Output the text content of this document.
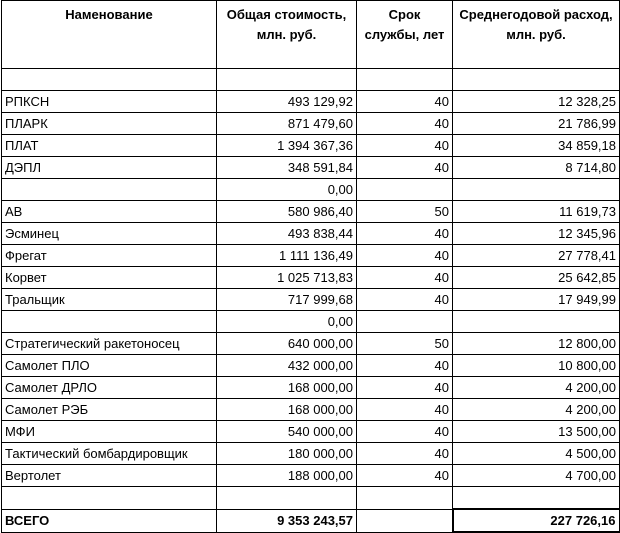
Наменование	Общая стоимость, млн. руб.	Срок службы, лет	Среднегодовой расход, млн. руб.

РПКСН	493 129,92	40	12 328,25
ПЛАРК	871 479,60	40	21 786,99
ПЛАТ	1 394 367,36	40	34 859,18
ДЭПЛ	348 591,84	40	8 714,80
	0,00		
АВ	580 986,40	50	11 619,73
Эсминец	493 838,44	40	12 345,96
Фрегат	1 111 136,49	40	27 778,41
Корвет	1 025 713,83	40	25 642,85
Тральщик	717 999,68	40	17 949,99
	0,00		
Стратегический ракетоносец	640 000,00	50	12 800,00
Самолет ПЛО	432 000,00	40	10 800,00
Самолет ДРЛО	168 000,00	40	4 200,00
Самолет РЭБ	168 000,00	40	4 200,00
МФИ	540 000,00	40	13 500,00
Тактический бомбардировщик	180 000,00	40	4 500,00
Вертолет	188 000,00	40	4 700,00

ВСЕГО	9 353 243,57		227 726,16
